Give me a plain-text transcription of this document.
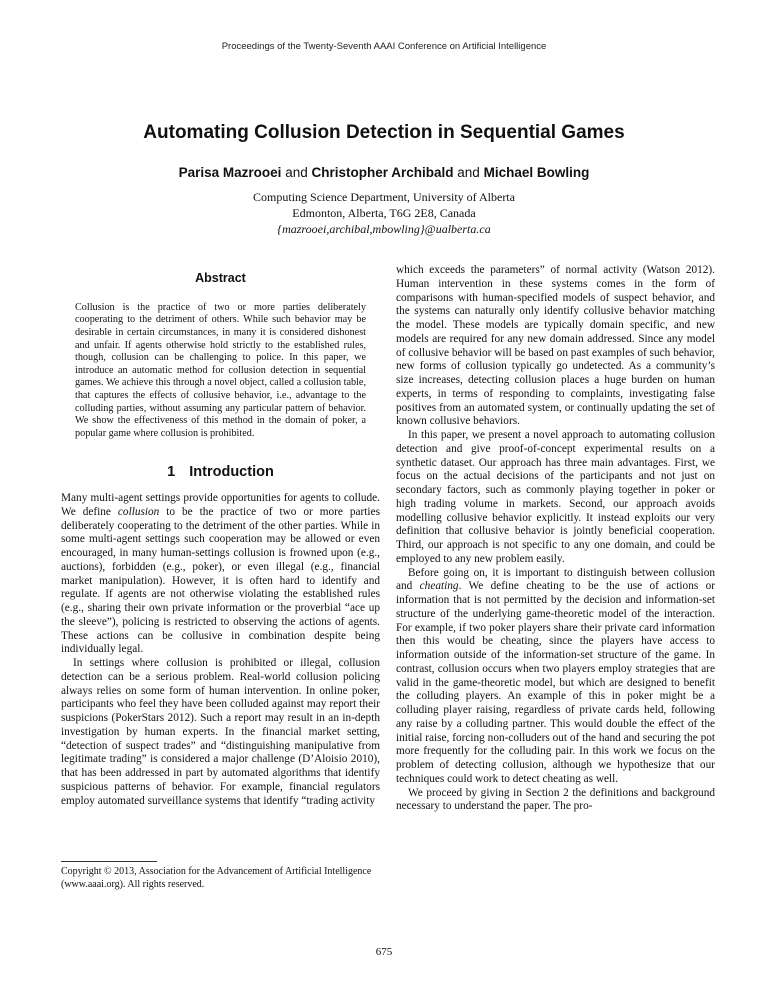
Proceedings of the Twenty-Seventh AAAI Conference on Artificial Intelligence
Automating Collusion Detection in Sequential Games
Parisa Mazrooei and Christopher Archibald and Michael Bowling
Computing Science Department, University of Alberta
Edmonton, Alberta, T6G 2E8, Canada
{mazrooei,archibal,mbowling}@ualberta.ca
Abstract

Collusion is the practice of two or more parties deliberately cooperating to the detriment of others. While such behavior may be desirable in certain circumstances, in many it is considered dishonest and unfair. If agents otherwise hold strictly to the established rules, though, collusion can be challenging to police. In this paper, we introduce an automatic method for collusion detection in sequential games. We achieve this through a novel object, called a collusion table, that captures the effects of collusive behavior, i.e., advantage to the colluding parties, without assuming any particular pattern of behavior. We show the effectiveness of this method in the domain of poker, a popular game where collusion is prohibited.

1 Introduction

Many multi-agent settings provide opportunities for agents to collude. We define collusion to be the practice of two or more parties deliberately cooperating to the detriment of the other parties. While in some multi-agent settings such cooperation may be allowed or even encouraged, in many human-settings collusion is frowned upon (e.g., auctions), forbidden (e.g., poker), or even illegal (e.g., financial market manipulation). However, it is often hard to identify and regulate. If agents are not otherwise violating the established rules (e.g., sharing their own private information or the proverbial “ace up the sleeve”), policing is restricted to observing the actions of agents. These actions can be collusive in combination despite being individually legal.

In settings where collusion is prohibited or illegal, collusion detection can be a serious problem. Real-world collusion policing always relies on some form of human intervention. In online poker, participants who feel they have been colluded against may report their suspicions (PokerStars 2012). Such a report may result in an in-depth investigation by human experts. In the financial market setting, “detection of suspect trades” and “distinguishing manipulative from legitimate trading” is considered a major challenge (D’Aloisio 2010), that has been addressed in part by automated algorithms that identify suspicious patterns of behavior. For example, financial regulators employ automated surveillance systems that identify “trading activity

which exceeds the parameters” of normal activity (Watson 2012). Human intervention in these systems comes in the form of comparisons with human-specified models of suspect behavior, and the systems can naturally only identify collusive behavior matching the model. These models are typically domain specific, and new models are required for any new domain addressed. Since any model of collusive behavior will be based on past examples of such behavior, new forms of collusion typically go undetected. As a community’s size increases, detecting collusion places a huge burden on human experts, in terms of responding to complaints, investigating false positives from an automated system, or continually updating the set of known collusive behaviors.

In this paper, we present a novel approach to automating collusion detection and give proof-of-concept experimental results on a synthetic dataset. Our approach has three main advantages. First, we focus on the actual decisions of the participants and not just on secondary factors, such as commonly playing together in poker or high trading volume in markets. Second, our approach avoids modelling collusive behavior explicitly. It instead exploits our very definition that collusive behavior is jointly beneficial cooperation. Third, our approach is not specific to any one domain, and could be employed to any new problem easily.

Before going on, it is important to distinguish between collusion and cheating. We define cheating to be the use of actions or information that is not permitted by the decision and information-set structure of the underlying game-theoretic model of the interaction. For example, if two poker players share their private card information then this would be cheating, since the players have access to information outside of the information-set structure of the game. In contrast, collusion occurs when two players employ strategies that are valid in the game-theoretic model, but which are designed to benefit the colluding players. An example of this in poker might be a colluding player raising, regardless of private cards held, following any raise by a colluding partner. This would double the effect of the initial raise, forcing non-colluders out of the hand and securing the pot more frequently for the colluding pair. In this work we focus on the problem of detecting collusion, although we hypothesize that our techniques could work to detect cheating as well.

We proceed by giving in Section 2 the definitions and background necessary to understand the paper. The pro-

Copyright © 2013, Association for the Advancement of Artificial Intelligence (www.aaai.org). All rights reserved.
675
